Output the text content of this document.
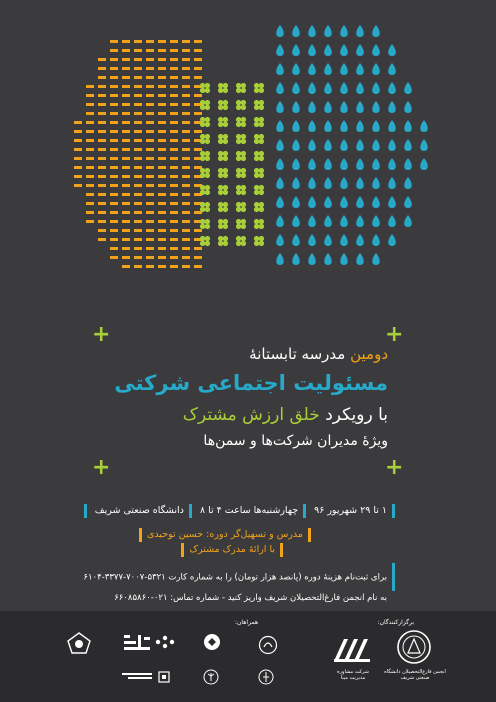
+	+
+	+
دومین مدرسه تابستانهٔ
مسئولیت اجتماعی شرکتی
با رویکرد خلق ارزش مشترک
ویژهٔ مدیران شرکت‌ها و سمن‌ها
۱ تا ۲۹ شهریور ۹۶ چهارشنبه‌ها ساعت ۴ تا ۸ دانشگاه صنعتی شریف
مدرس و تسهیل‌گر دوره: حسین توحیدی
با ارائهٔ مدرک مشترک
برای ثبت‌نام هزینهٔ دوره (پانصد هزار تومان) را به شماره کارت ۵۳۲۱-۷۰۰۷-۳۳۷۷-۶۱۰۴
به نام انجمن فارغ‌التحصیلان شریف واریز کنید - شماره تماس: ۰۲۱-۶۶۰۸۵۸۶۰
برگزارکنندگان:
همراهان:
انجمن فارغ‌التحصیلان دانشگاه صنعتی شریف
شرکت مشاوره مدیریت مینا
